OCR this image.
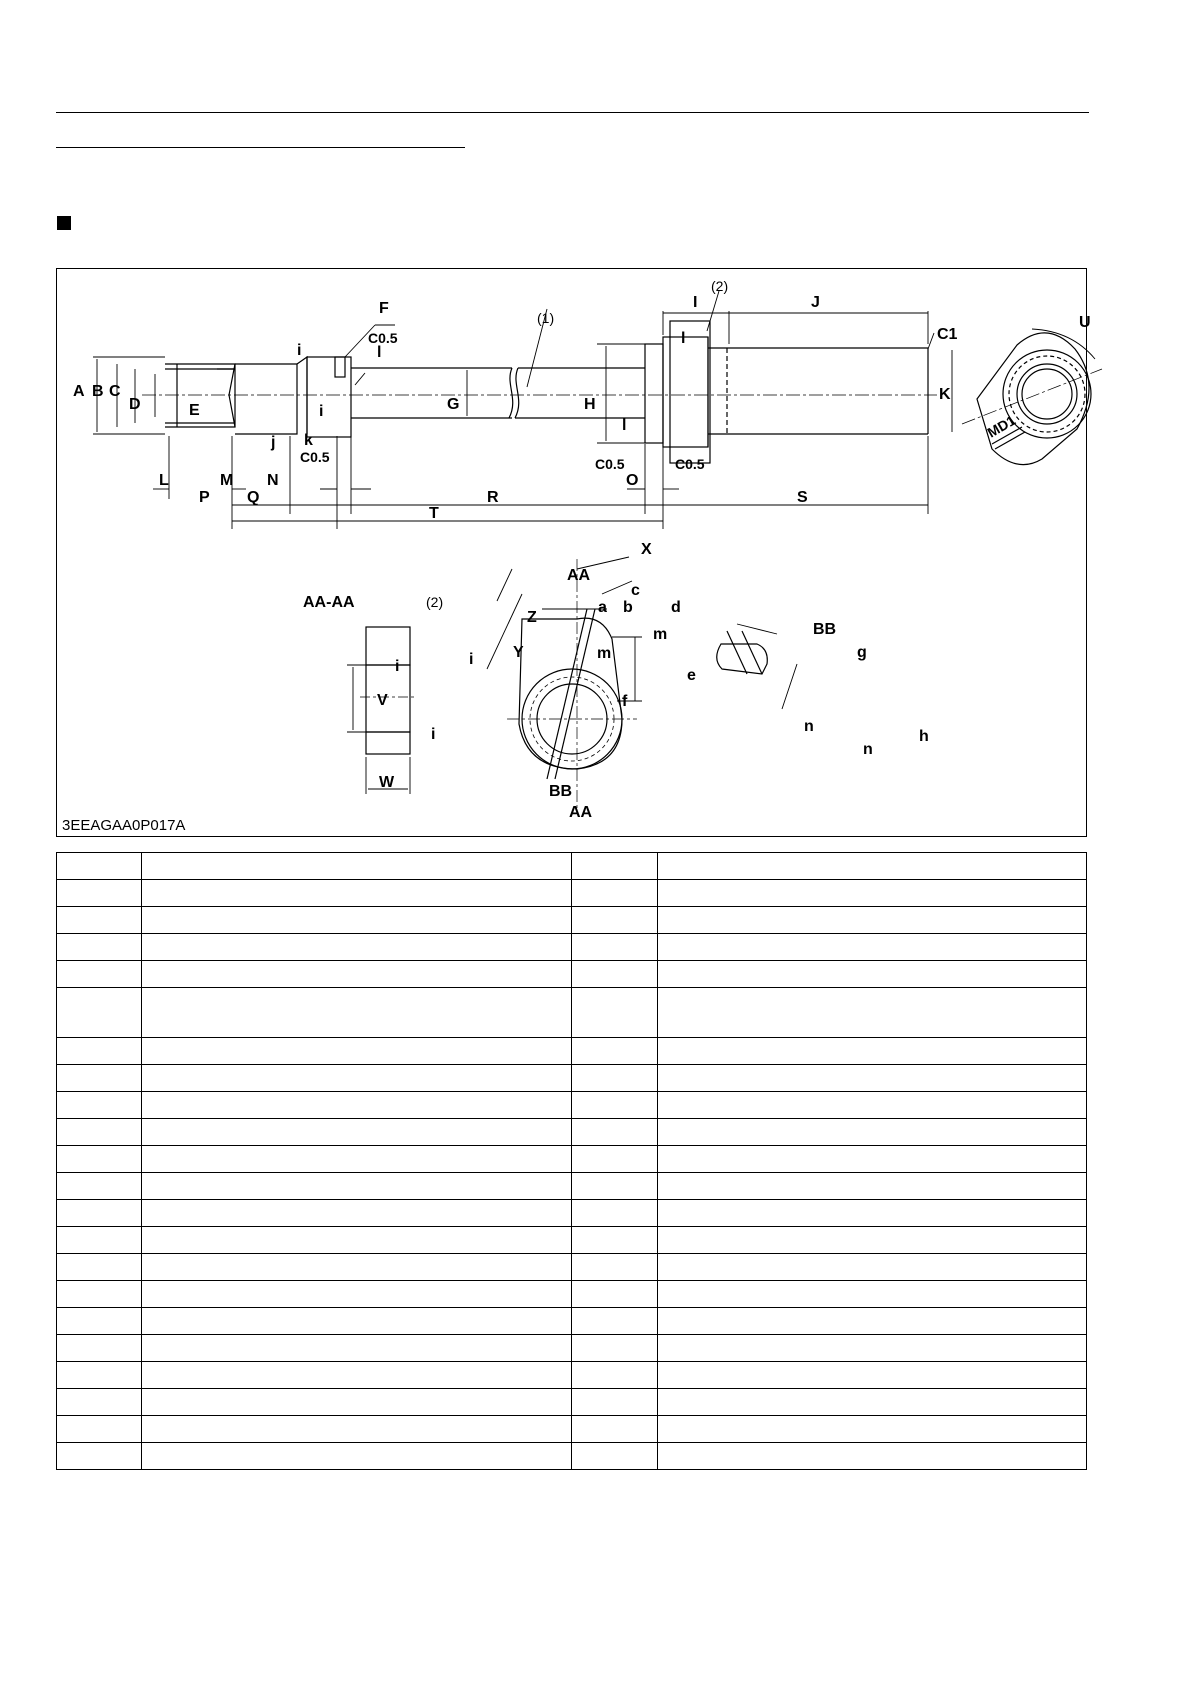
A B C
D	E
F
G	H
I	J
K
L	M N	O
P Q	R	S
T
U
V
W
X
Y
Z
a b
c
d
e
f
g
h
i
i
i	i
i
j k
l
l
l
m
m
n
n
C0.5
C0.5	C0.5	C0.5
C1
MD1
(1)
(2)
(2)
AA-AA
AA
AA
BB
BB
3EEAGAA0P017A
